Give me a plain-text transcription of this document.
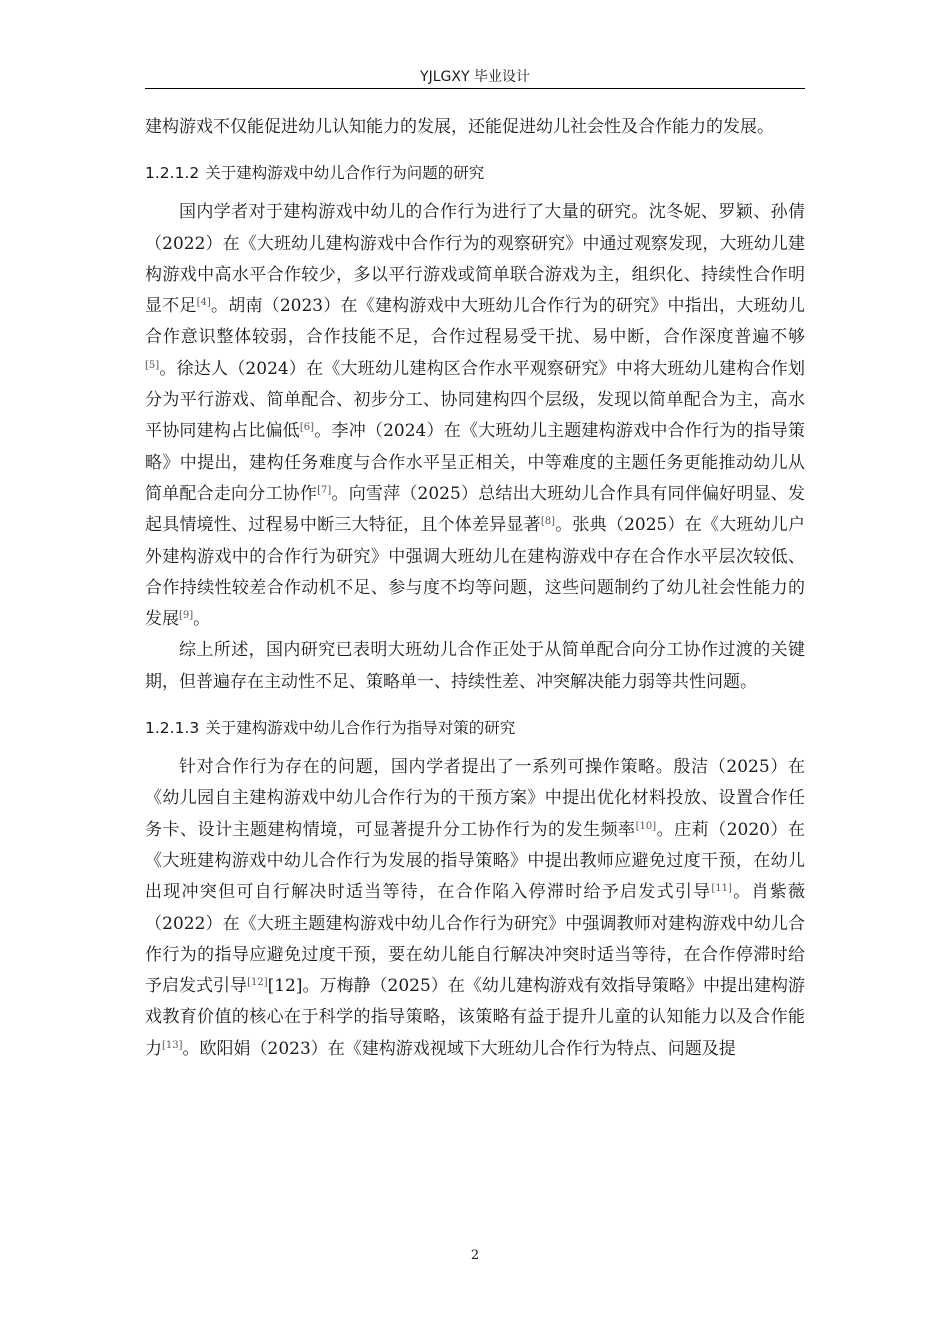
YJLGXY 毕业设计

建构游戏不仅能促进幼儿认知能力的发展，还能促进幼儿社会性及合作能力的发展。

1.2.1.2 关于建构游戏中幼儿合作行为问题的研究

国内学者对于建构游戏中幼儿的合作行为进行了大量的研究。沈冬妮、罗颖、孙倩（2022）在《大班幼儿建构游戏中合作行为的观察研究》中通过观察发现，大班幼儿建构游戏中高水平合作较少，多以平行游戏或简单联合游戏为主，组织化、持续性合作明显不足[4]。胡南（2023）在《建构游戏中大班幼儿合作行为的研究》中指出，大班幼儿合作意识整体较弱，合作技能不足，合作过程易受干扰、易中断，合作深度普遍不够[5]。徐达人（2024）在《大班幼儿建构区合作水平观察研究》中将大班幼儿建构合作划分为平行游戏、简单配合、初步分工、协同建构四个层级，发现以简单配合为主，高水平协同建构占比偏低[6]。李冲（2024）在《大班幼儿主题建构游戏中合作行为的指导策略》中提出，建构任务难度与合作水平呈正相关，中等难度的主题任务更能推动幼儿从简单配合走向分工协作[7]。向雪萍（2025）总结出大班幼儿合作具有同伴偏好明显、发起具情境性、过程易中断三大特征，且个体差异显著[8]。张典（2025）在《大班幼儿户外建构游戏中的合作行为研究》中强调大班幼儿在建构游戏中存在合作水平层次较低、合作持续性较差合作动机不足、参与度不均等问题，这些问题制约了幼儿社会性能力的发展[9]。

综上所述，国内研究已表明大班幼儿合作正处于从简单配合向分工协作过渡的关键期，但普遍存在主动性不足、策略单一、持续性差、冲突解决能力弱等共性问题。

1.2.1.3 关于建构游戏中幼儿合作行为指导对策的研究

针对合作行为存在的问题，国内学者提出了一系列可操作策略。殷洁（2025）在《幼儿园自主建构游戏中幼儿合作行为的干预方案》中提出优化材料投放、设置合作任务卡、设计主题建构情境，可显著提升分工协作行为的发生频率[10]。庄莉（2020）在《大班建构游戏中幼儿合作行为发展的指导策略》中提出教师应避免过度干预，在幼儿出现冲突但可自行解决时适当等待，在合作陷入停滞时给予启发式引导[11]。肖紫薇（2022）在《大班主题建构游戏中幼儿合作行为研究》中强调教师对建构游戏中幼儿合作行为的指导应避免过度干预，要在幼儿能自行解决冲突时适当等待，在合作停滞时给予启发式引导[12][12]。万梅静（2025）在《幼儿建构游戏有效指导策略》中提出建构游戏教育价值的核心在于科学的指导策略，该策略有益于提升儿童的认知能力以及合作能力[13]。欧阳娟（2023）在《建构游戏视域下大班幼儿合作行为特点、问题及提

2
